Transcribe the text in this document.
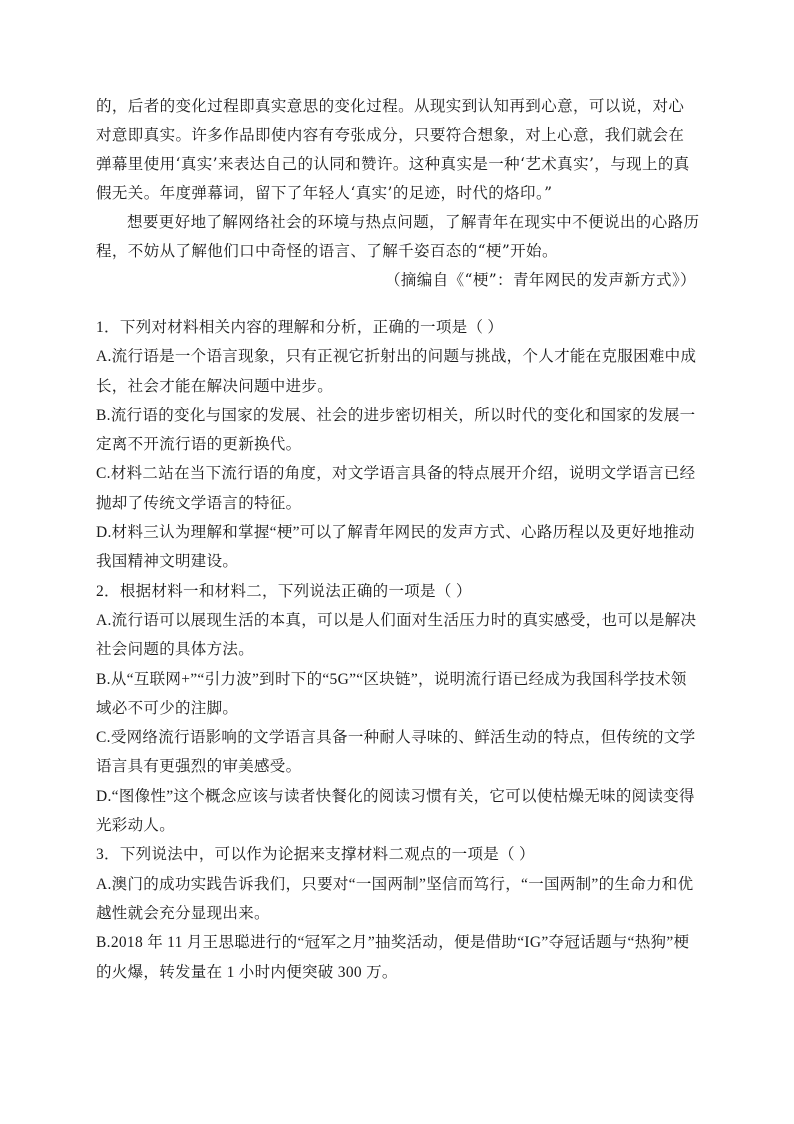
的，后者的变化过程即真实意思的变化过程。从现实到认知再到心意，可以说，对心对意即真实。许多作品即使内容有夸张成分，只要符合想象，对上心意，我们就会在弹幕里使用‘真实’来表达自己的认同和赞许。这种真实是一种‘艺术真实’，与现上的真假无关。年度弹幕词，留下了年轻人‘真实’的足迹，时代的烙印。”

想要更好地了解网络社会的环境与热点问题，了解青年在现实中不便说出的心路历程，不妨从了解他们口中奇怪的语言、了解千姿百态的“梗”开始。

（摘编自《“梗”：青年网民的发声新方式》）

1．下列对材料相关内容的理解和分析，正确的一项是（ ）

A.流行语是一个语言现象，只有正视它折射出的问题与挑战，个人才能在克服困难中成长，社会才能在解决问题中进步。

B.流行语的变化与国家的发展、社会的进步密切相关，所以时代的变化和国家的发展一定离不开流行语的更新换代。

C.材料二站在当下流行语的角度，对文学语言具备的特点展开介绍，说明文学语言已经抛却了传统文学语言的特征。

D.材料三认为理解和掌握“梗”可以了解青年网民的发声方式、心路历程以及更好地推动我国精神文明建设。

2．根据材料一和材料二，下列说法正确的一项是（ ）

A.流行语可以展现生活的本真，可以是人们面对生活压力时的真实感受，也可以是解决社会问题的具体方法。

B.从“互联网+”“引力波”到时下的“5G”“区块链”，说明流行语已经成为我国科学技术领域必不可少的注脚。

C.受网络流行语影响的文学语言具备一种耐人寻味的、鲜活生动的特点，但传统的文学语言具有更强烈的审美感受。

D.“图像性”这个概念应该与读者快餐化的阅读习惯有关，它可以使枯燥无味的阅读变得光彩动人。

3．下列说法中，可以作为论据来支撑材料二观点的一项是（ ）

A.澳门的成功实践告诉我们，只要对“一国两制”坚信而笃行，“一国两制”的生命力和优越性就会充分显现出来。

B.2018 年 11 月王思聪进行的“冠军之月”抽奖活动，便是借助“IG”夺冠话题与“热狗”梗的火爆，转发量在 1 小时内便突破 300 万。
